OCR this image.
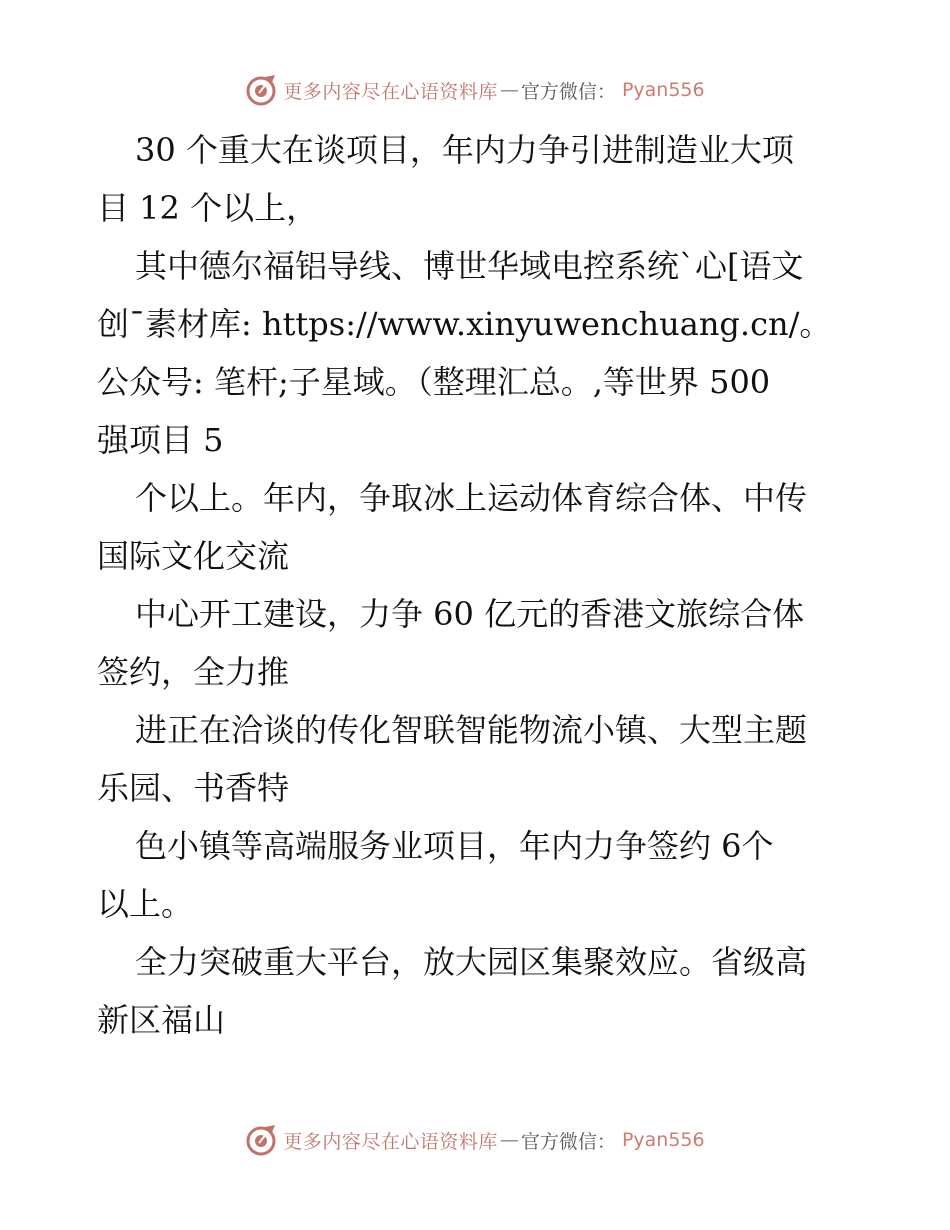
更多内容尽在心语资料库 — 官方微信： Pyan556
30 个重大在谈项目，年内力争引进制造业大项
目 12 个以上，
其中德尔福铝导线、博世华域电控系统ˋ心[语文
创¯素材库: https://www.xinyuwenchuang.cn/。
公众号: 笔杆;子星域。（整理汇总。,等世界 500
强项目 5
个以上。年内，争取冰上运动体育综合体、中传
国际文化交流
中心开工建设，力争 60 亿元的香港文旅综合体
签约，全力推
进正在洽谈的传化智联智能物流小镇、大型主题
乐园、书香特
色小镇等高端服务业项目，年内力争签约 6个
以上。
全力突破重大平台，放大园区集聚效应。省级高
新区福山
更多内容尽在心语资料库 — 官方微信： Pyan556
